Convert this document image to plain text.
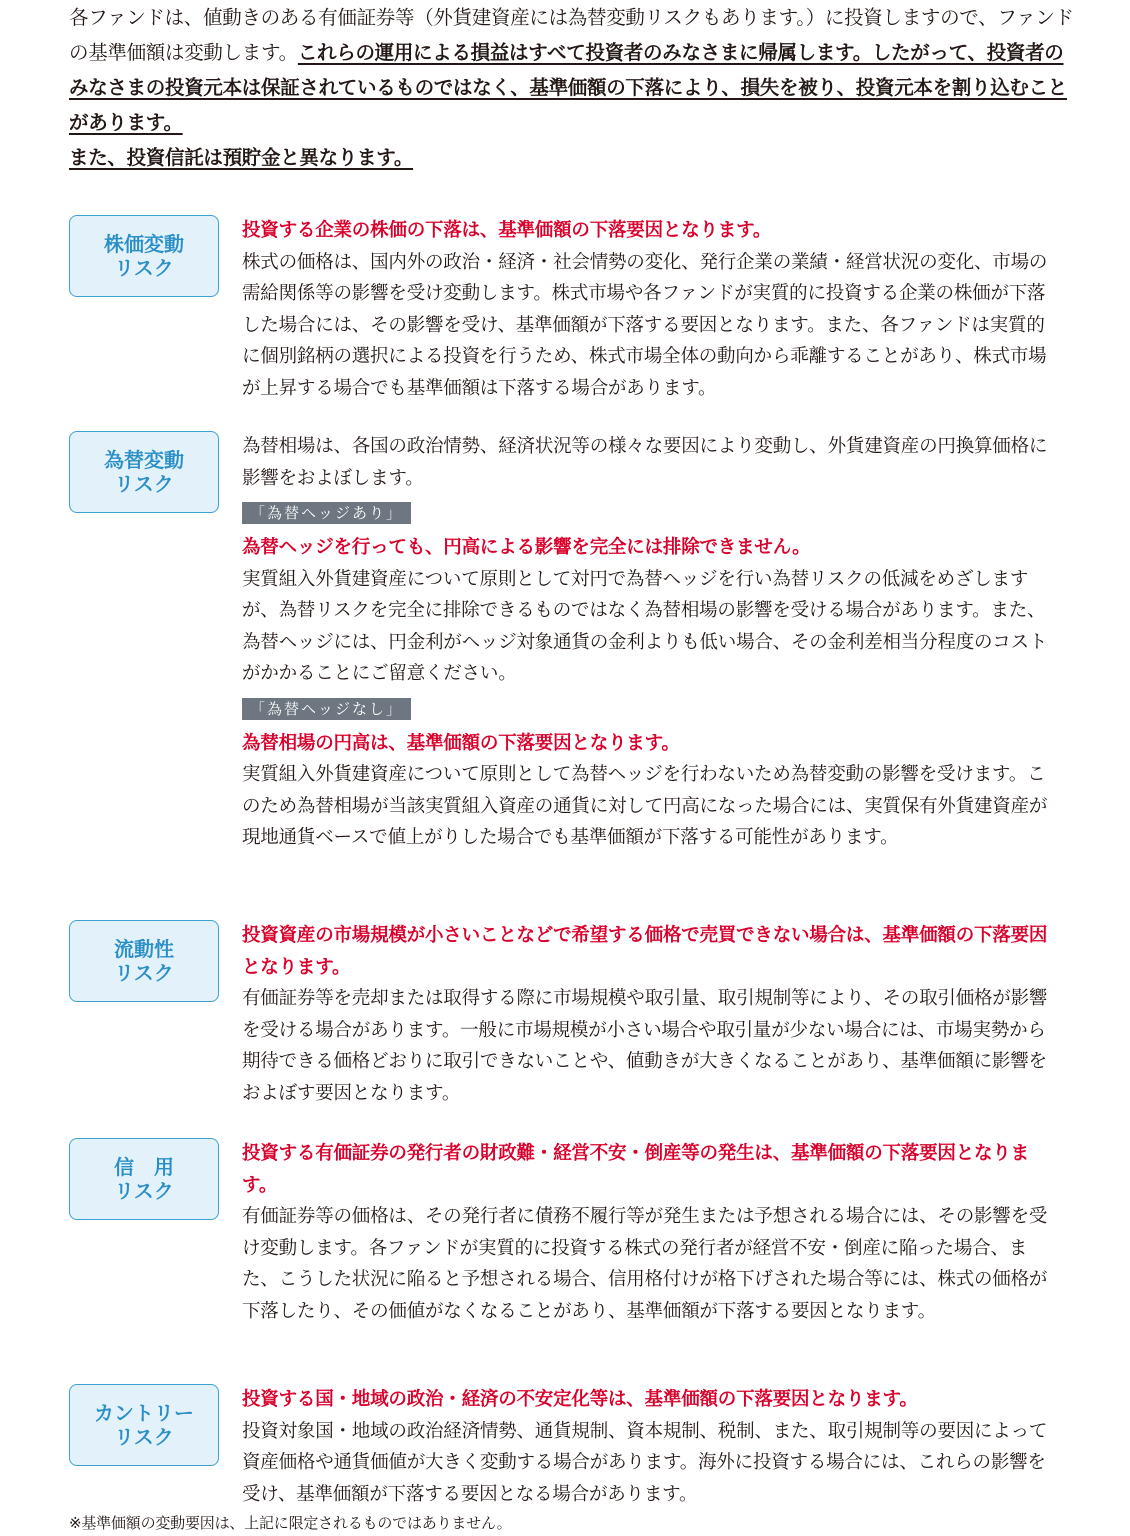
各ファンドは、値動きのある有価証券等（外貨建資産には為替変動リスクもあります。）に投資しますので、ファンドの基準価額は変動します。これらの運用による損益はすべて投資者のみなさまに帰属します。したがって、投資者のみなさまの投資元本は保証されているものではなく、基準価額の下落により、損失を被り、投資元本を割り込むことがあります。
また、投資信託は預貯金と異なります。
株価変動
リスク

投資する企業の株価の下落は、基準価額の下落要因となります。

株式の価格は、国内外の政治・経済・社会情勢の変化、発行企業の業績・経営状況の変化、市場の需給関係等の影響を受け変動します。株式市場や各ファンドが実質的に投資する企業の株価が下落した場合には、その影響を受け、基準価額が下落する要因となります。また、各ファンドは実質的に個別銘柄の選択による投資を行うため、株式市場全体の動向から乖離することがあり、株式市場が上昇する場合でも基準価額は下落する場合があります。

為替変動
リスク

為替相場は、各国の政治情勢、経済状況等の様々な要因により変動し、外貨建資産の円換算価格に影響をおよぼします。

「為替ヘッジあり」

為替ヘッジを行っても、円高による影響を完全には排除できません。

実質組入外貨建資産について原則として対円で為替ヘッジを行い為替リスクの低減をめざしますが、為替リスクを完全に排除できるものではなく為替相場の影響を受ける場合があります。また、為替ヘッジには、円金利がヘッジ対象通貨の金利よりも低い場合、その金利差相当分程度のコストがかかることにご留意ください。

「為替ヘッジなし」

為替相場の円高は、基準価額の下落要因となります。

実質組入外貨建資産について原則として為替ヘッジを行わないため為替変動の影響を受けます。このため為替相場が当該実質組入資産の通貨に対して円高になった場合には、実質保有外貨建資産が現地通貨ベースで値上がりした場合でも基準価額が下落する可能性があります。

流動性
リスク

投資資産の市場規模が小さいことなどで希望する価格で売買できない場合は、基準価額の下落要因となります。

有価証券等を売却または取得する際に市場規模や取引量、取引規制等により、その取引価格が影響を受ける場合があります。一般に市場規模が小さい場合や取引量が少ない場合には、市場実勢から期待できる価格どおりに取引できないことや、値動きが大きくなることがあり、基準価額に影響をおよぼす要因となります。

信　用
リスク

投資する有価証券の発行者の財政難・経営不安・倒産等の発生は、基準価額の下落要因となります。

有価証券等の価格は、その発行者に債務不履行等が発生または予想される場合には、その影響を受け変動します。各ファンドが実質的に投資する株式の発行者が経営不安・倒産に陥った場合、また、こうした状況に陥ると予想される場合、信用格付けが格下げされた場合等には、株式の価格が下落したり、その価値がなくなることがあり、基準価額が下落する要因となります。

カントリー
リスク

投資する国・地域の政治・経済の不安定化等は、基準価額の下落要因となります。

投資対象国・地域の政治経済情勢、通貨規制、資本規制、税制、また、取引規制等の要因によって資産価格や通貨価値が大きく変動する場合があります。海外に投資する場合には、これらの影響を受け、基準価額が下落する要因となる場合があります。

※基準価額の変動要因は、上記に限定されるものではありません。
